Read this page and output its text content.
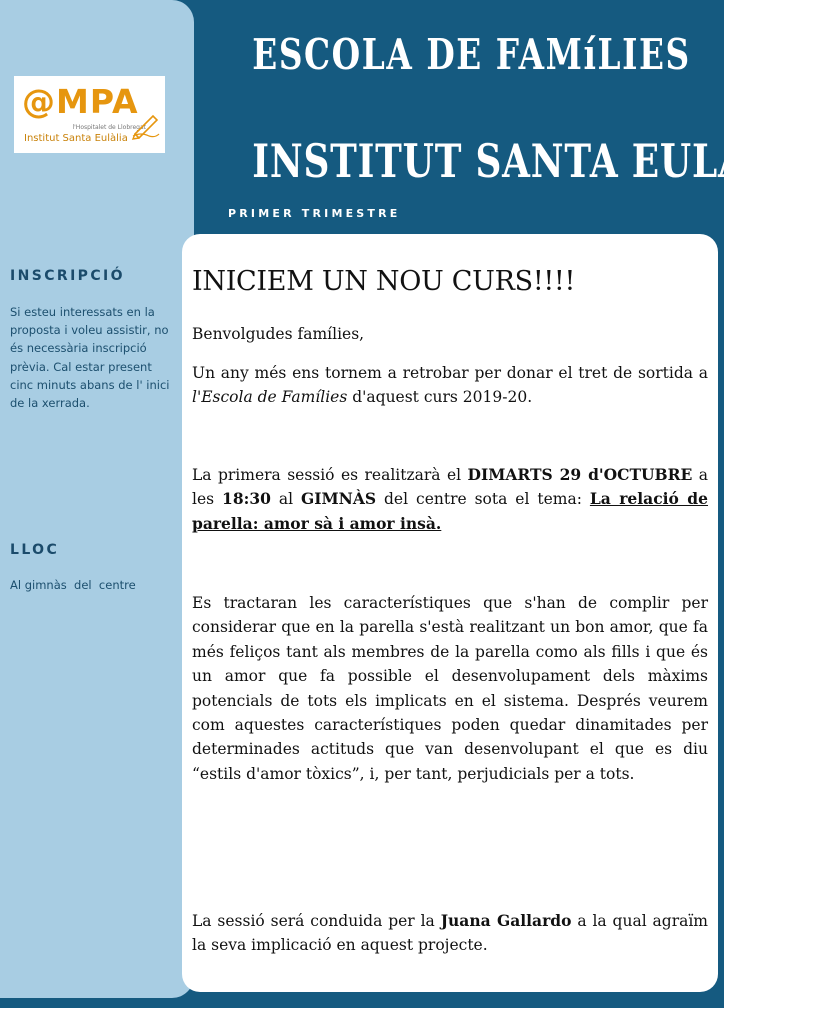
@MPA
l'Hospitalet de Llobregat
Institut Santa Eulàlia
INSCRIPCIÓ

Si esteu interessats en la proposta i voleu assistir, no és necessària inscripció prèvia. Cal estar present cinc minuts abans de l' inici de la xerrada.

LLOC

Al gimnàs  del  centre

ESCOLA DE FAMíLIES
INSTITUT SANTA EULÀLIA
PRIMER TRIMESTRE
INICIEM UN NOU CURS!!!!

Benvolgudes famílies,

Un any més ens tornem a retrobar per donar el tret de sortida a l'Escola de Famílies d'aquest curs 2019-20.

La primera sessió es realitzarà el DIMARTS 29 d'OCTUBRE a les 18:30 al GIMNÀS del centre sota el tema: La relació de parella: amor sà i amor insà.

Es tractaran les característiques que s'han de complir per considerar que en la parella s'està realitzant un bon amor, que fa més feliços tant als membres de la parella como als fills i que és un amor que fa possible el desenvolupament dels màxims potencials de tots els implicats en el sistema. Després veurem com aquestes característiques poden quedar dinamitades per determinades actituds que van desenvolupant el que es diu “estils d'amor tòxics”, i, per tant, perjudicials per a tots.

La sessió será conduida per la Juana Gallardo a la qual agraïm la seva implicació en aquest projecte.
